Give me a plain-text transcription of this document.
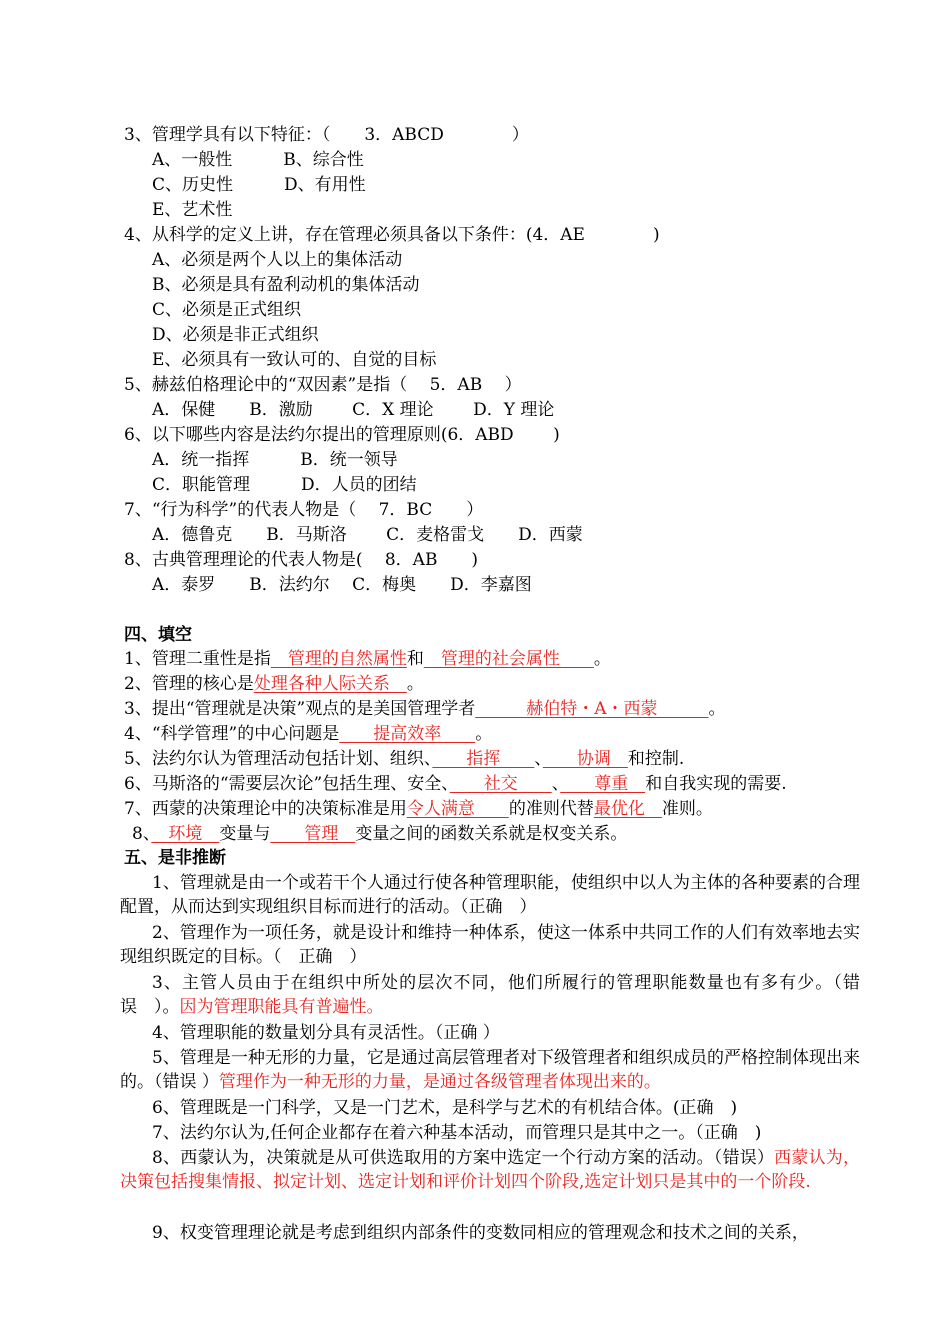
3、管理学具有以下特征：（　　3．ABCD　　　　）
A、一般性　　　B、综合性
C、历史性　　　D、有用性
E、艺术性
4、从科学的定义上讲，存在管理必须具备以下条件：(4．AE　　　　)
A、必须是两个人以上的集体活动
B、必须是具有盈利动机的集体活动
C、必须是正式组织
D、必须是非正式组织
E、必须具有一致认可的、自觉的目标
5、赫兹伯格理论中的“双因素”是指（　 5．AB　 ）
A．保健　　B．激励　　 C．X 理论　　 D．Y 理论
6、以下哪些内容是法约尔提出的管理原则(6．ABD　　 )
A．统一指挥　　　B．统一领导
C．职能管理　　　D．人员的团结
7、“行为科学”的代表人物是（　 7．BC　　）
A．德鲁克　　B．马斯洛　　 C．麦格雷戈　　D．西蒙
8、古典管理理论的代表人物是(　 8．AB　　)
A．泰罗　　B．法约尔　 C．梅奥　　D．李嘉图
四、填空
1、管理二重性是指　管理的自然属性和　管理的社会属性　　。
2、管理的核心是处理各种人际关系　。
3、提出“管理就是决策”观点的是美国管理学者　　　赫伯特・A・西蒙　　　。
4、“科学管理”的中心问题是　　提高效率　　。
5、法约尔认为管理活动包括计划、组织、　　指挥　　、　　协调　和控制.
6、马斯洛的“需要层次论”包括生理、安全、　　社交　　、　　尊重　和自我实现的需要.
7、西蒙的决策理论中的决策标准是用令人满意　　的准则代替最优化　准则。
8、　环境　变量与　　管理　变量之间的函数关系就是权变关系。
五、是非推断
1、管理就是由一个或若干个人通过行使各种管理职能，使组织中以人为主体的各种要素的合理配置，从而达到实现组织目标而进行的活动。（正确　）
2、管理作为一项任务，就是设计和维持一种体系，使这一体系中共同工作的人们有效率地去实现组织既定的目标。（　正确　）
3、主管人员由于在组织中所处的层次不同，他们所履行的管理职能数量也有多有少。（错误　）。因为管理职能具有普遍性。
4、管理职能的数量划分具有灵活性。（正确 ）
5、管理是一种无形的力量，它是通过高层管理者对下级管理者和组织成员的严格控制体现出来的。（错误 ）管理作为一种无形的力量，是通过各级管理者体现出来的。
6、管理既是一门科学，又是一门艺术，是科学与艺术的有机结合体。(正确　)
7、法约尔认为,任何企业都存在着六种基本活动，而管理只是其中之一。（正确　)
8、西蒙认为，决策就是从可供选取用的方案中选定一个行动方案的活动。（错误）西蒙认为，决策包括搜集情报、拟定计划、选定计划和评价计划四个阶段,选定计划只是其中的一个阶段.
9、权变管理理论就是考虑到组织内部条件的变数同相应的管理观念和技术之间的关系，
